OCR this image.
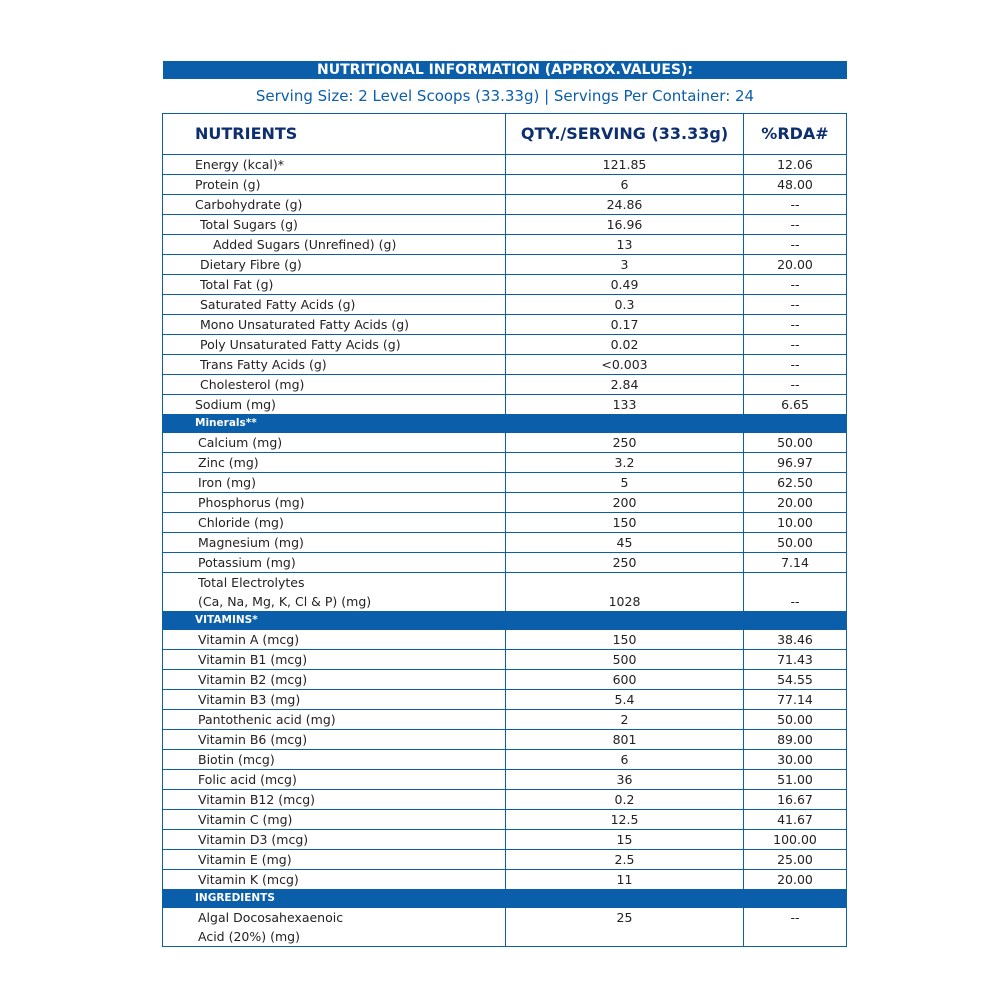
NUTRITIONAL INFORMATION (APPROX.VALUES):
Serving Size: 2 Level Scoops (33.33g) | Servings Per Container: 24
NUTRIENTS	QTY./SERVING (33.33g)	%RDA#
Energy (kcal)*	121.85	12.06
Protein (g)	6	48.00
Carbohydrate (g)	24.86	--
Total Sugars (g)	16.96	--
Added Sugars (Unrefined) (g)	13	--
Dietary Fibre (g)	3	20.00
Total Fat (g)	0.49	--
Saturated Fatty Acids (g)	0.3	--
Mono Unsaturated Fatty Acids (g)	0.17	--
Poly Unsaturated Fatty Acids (g)	0.02	--
Trans Fatty Acids (g)	<0.003	--
Cholesterol (mg)	2.84	--
Sodium (mg)	133	6.65
Minerals**		
Calcium (mg)	250	50.00
Zinc (mg)	3.2	96.97
Iron (mg)	5	62.50
Phosphorus (mg)	200	20.00
Chloride (mg)	150	10.00
Magnesium (mg)	45	50.00
Potassium (mg)	250	7.14

Total Electrolytes
(Ca, Na, Mg, K, Cl & P) (mg)	1028	--
VITAMINS*		
Vitamin A (mcg)	150	38.46
Vitamin B1 (mcg)	500	71.43
Vitamin B2 (mcg)	600	54.55
Vitamin B3 (mg)	5.4	77.14
Pantothenic acid (mg)	2	50.00
Vitamin B6 (mcg)	801	89.00
Biotin (mcg)	6	30.00
Folic acid (mcg)	36	51.00
Vitamin B12 (mcg)	0.2	16.67
Vitamin C (mg)	12.5	41.67
Vitamin D3 (mcg)	15	100.00
Vitamin E (mg)	2.5	25.00
Vitamin K (mcg)	11	20.00
INGREDIENTS		

Algal Docosahexaenoic
Acid (20%) (mg)	25	--
